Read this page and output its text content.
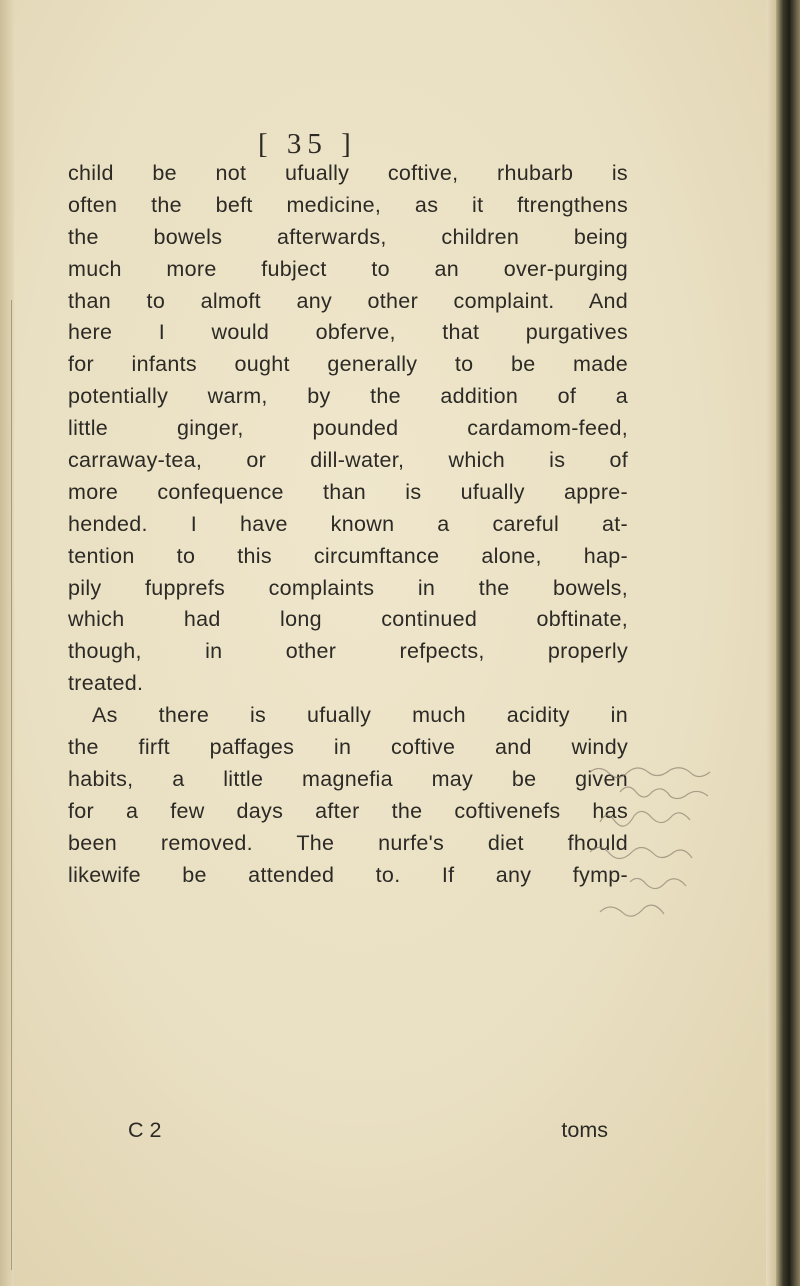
[ 35 ]
child be not ufually coftive, rhubarb is
often the beft medicine, as it ftrengthens
the bowels afterwards, children being
much more fubject to an over-purging
than to almoft any other complaint. And
here I would obferve, that purgatives
for infants ought generally to be made
potentially warm, by the addition of a
little ginger, pounded cardamom-feed,
carraway-tea, or dill-water, which is of
more confequence than is ufually appre-
hended. I have known a careful at-
tention to this circumftance alone, hap-
pily fupprefs complaints in the bowels,
which had long continued obftinate,
though, in other refpects, properly
treated.
As there is ufually much acidity in
the firft paffages in coftive and windy
habits, a little magnefia may be given
for a few days after the coftivenefs has
been removed. The nurfe's diet fhould
likewife be attended to. If any fymp-
C 2	toms
